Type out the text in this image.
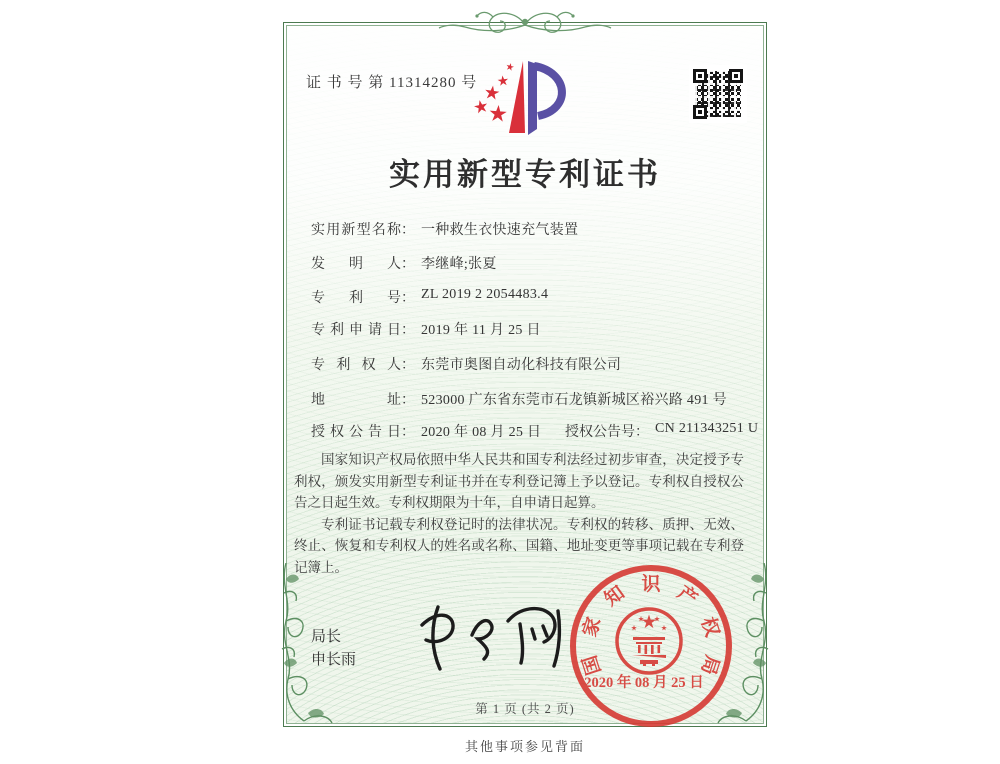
证 书 号 第 11314280 号
实用新型专利证书
实用新型名称： 一种救生衣快速充气装置
发明人： 李继峰;张夏
专利号： ZL 2019 2 2054483.4
专利申请日： 2019 年 11 月 25 日
专利权人： 东莞市奥图自动化科技有限公司
地址： 523000 广东省东莞市石龙镇新城区裕兴路 491 号
授权公告日： 2020 年 08 月 25 日 授权公告号： CN 211343251 U

国家知识产权局依照中华人民共和国专利法经过初步审查，决定授予专利权，颁发实用新型专利证书并在专利登记簿上予以登记。专利权自授权公告之日起生效。专利权期限为十年，自申请日起算。

专利证书记载专利权登记时的法律状况。专利权的转移、质押、无效、终止、恢复和专利权人的姓名或名称、国籍、地址变更等事项记载在专利登记簿上。

局长
申长雨	国
家
知 识 产
权
局
2020 年 08 月 25 日
第 1 页 (共 2 页)
其他事项参见背面
